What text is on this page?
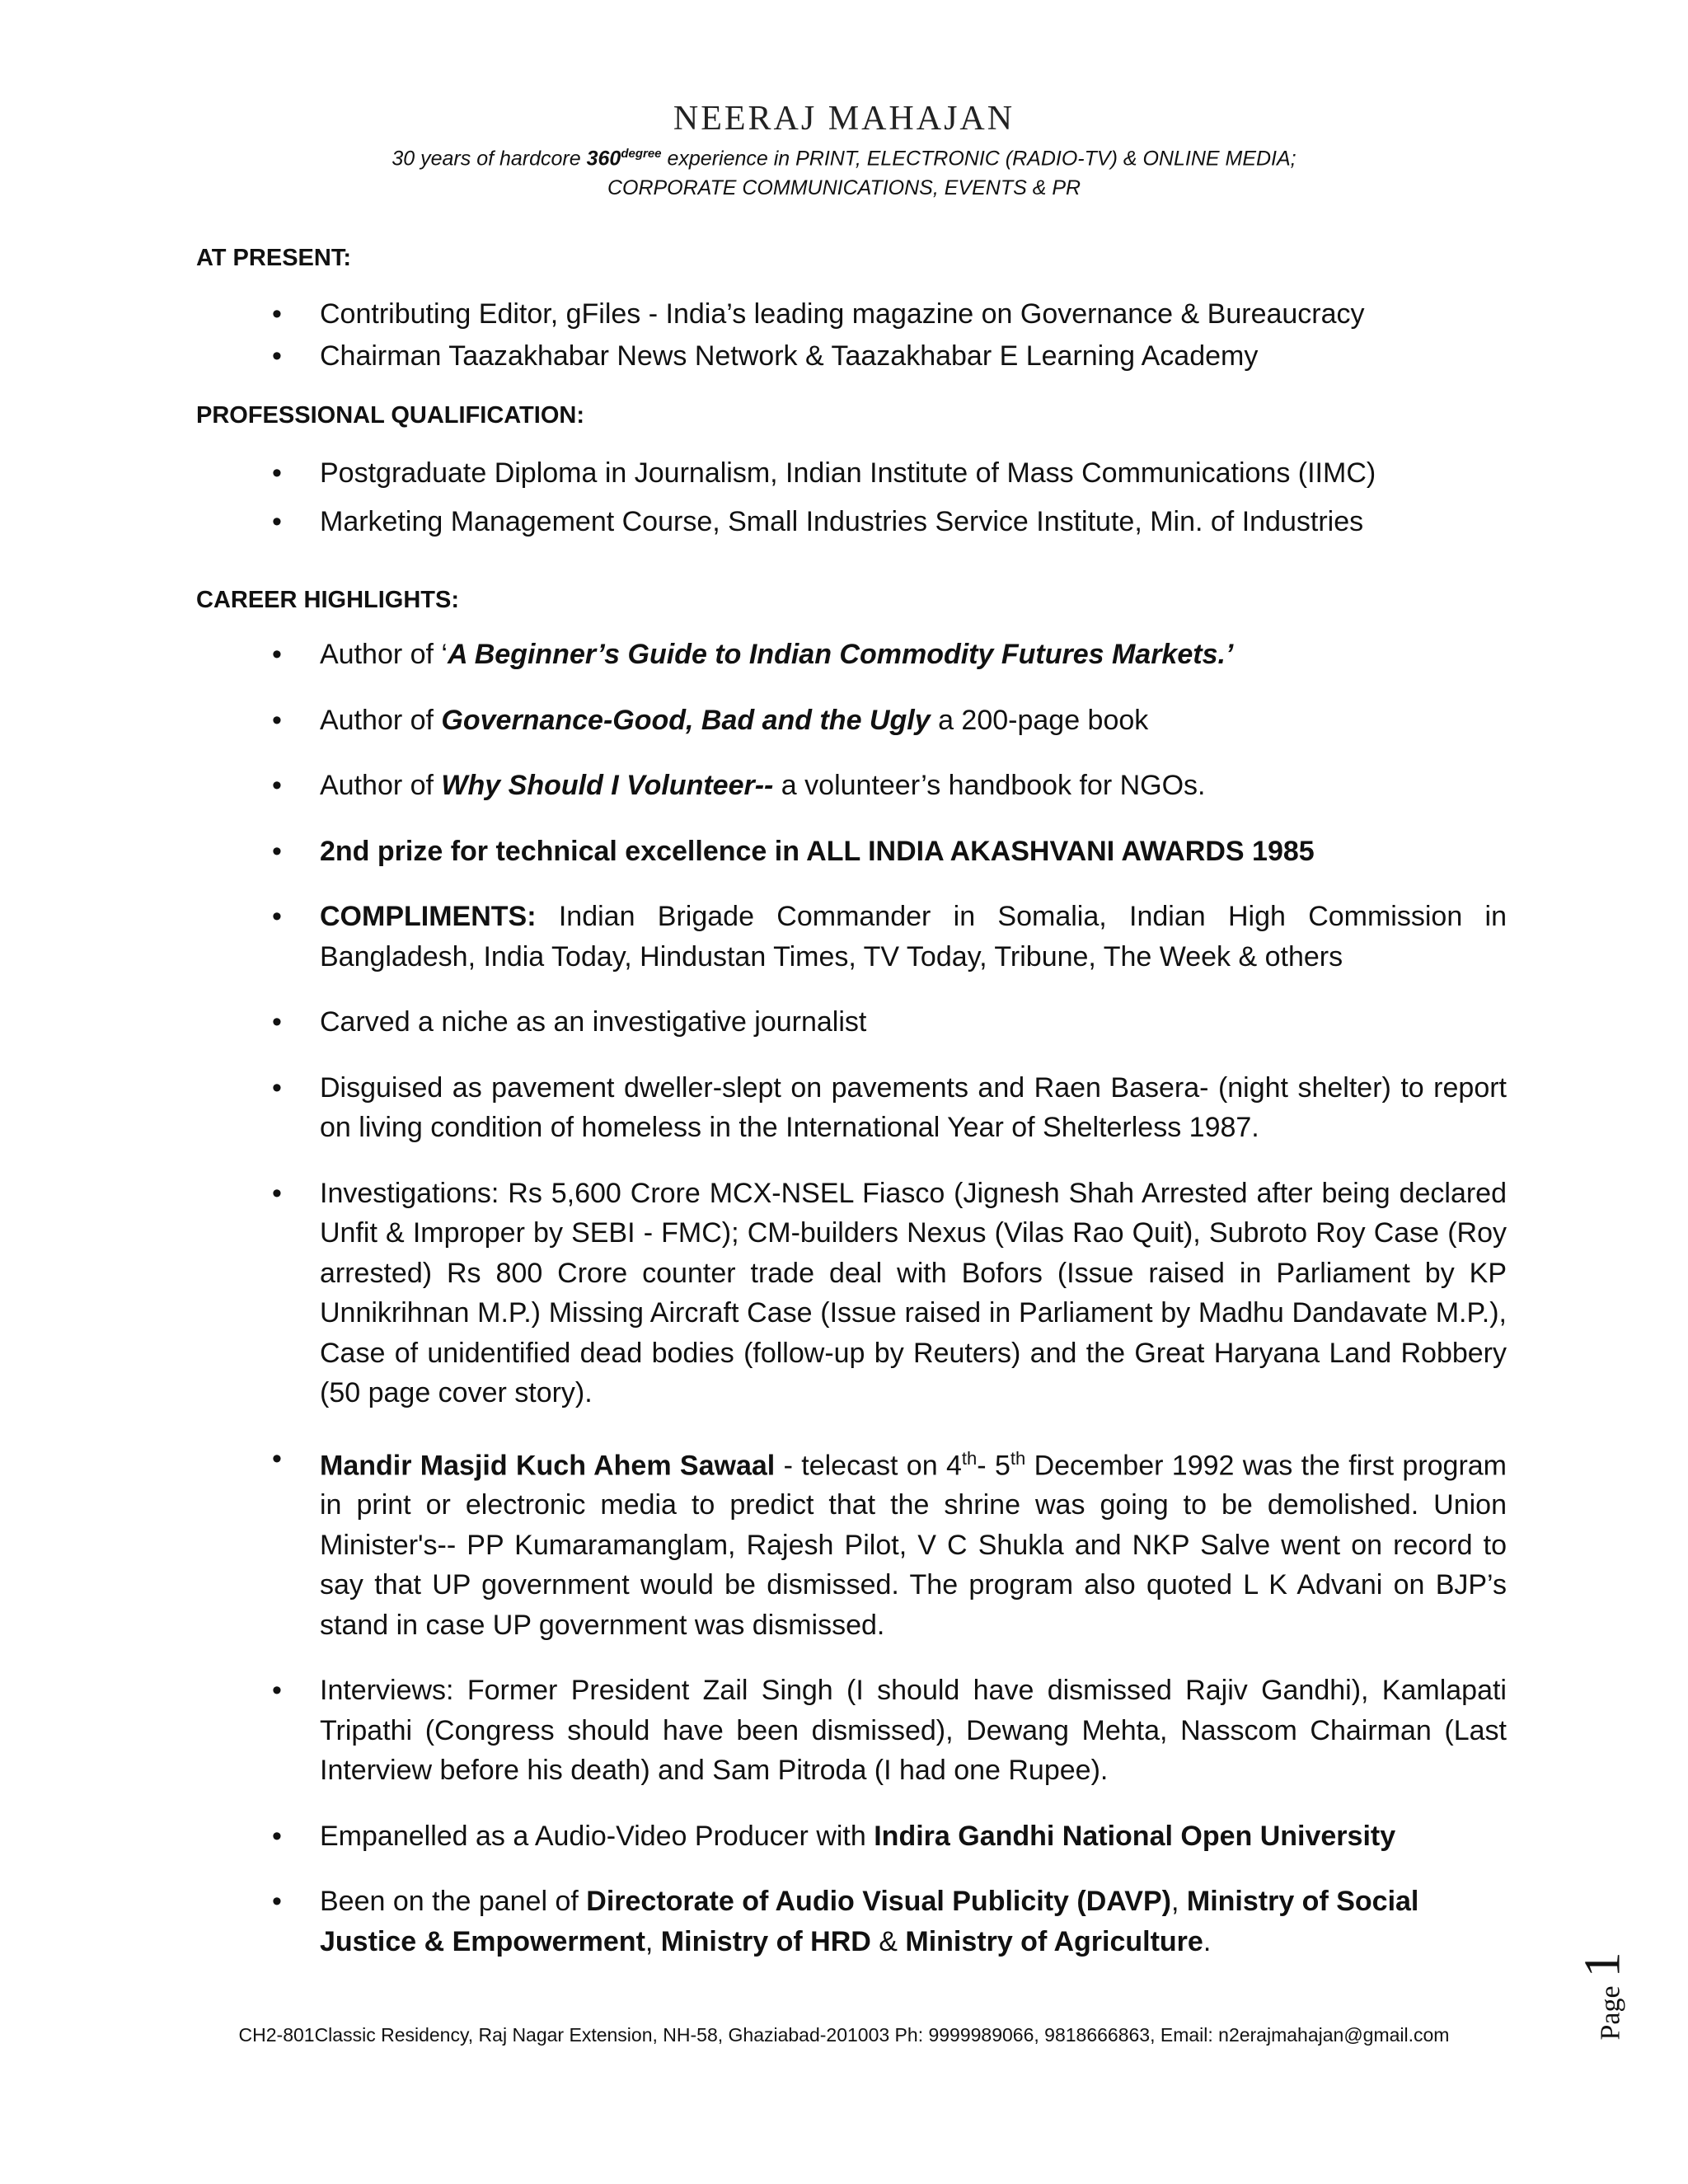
NEERAJ MAHAJAN
30 years of hardcore $360^{degree}$ experience in PRINT, ELECTRONIC (RADIO-TV) & ONLINE MEDIA;
CORPORATE COMMUNICATIONS, EVENTS & PR
AT PRESENT:
• Contributing Editor, gFiles - India’s leading magazine on Governance & Bureaucracy
• Chairman Taazakhabar News Network & Taazakhabar E Learning Academy
PROFESSIONAL QUALIFICATION:
• Postgraduate Diploma in Journalism, Indian Institute of Mass Communications (IIMC)
• Marketing Management Course, Small Industries Service Institute, Min. of Industries
CAREER HIGHLIGHTS:
• Author of ‘A Beginner’s Guide to Indian Commodity Futures Markets.’
• Author of Governance-Good, Bad and the Ugly a 200-page book
• Author of Why Should I Volunteer-- a volunteer’s handbook for NGOs.
• 2nd prize for technical excellence in ALL INDIA AKASHVANI AWARDS 1985
• COMPLIMENTS: Indian Brigade Commander in Somalia, Indian High Commission in Bangladesh, India Today, Hindustan Times, TV Today, Tribune, The Week & others
• Carved a niche as an investigative journalist
• Disguised as pavement dweller-slept on pavements and Raen Basera- (night shelter) to report on living condition of homeless in the International Year of Shelterless 1987.
• Investigations: Rs 5,600 Crore MCX-NSEL Fiasco (Jignesh Shah Arrested after being declared Unfit & Improper by SEBI - FMC); CM-builders Nexus (Vilas Rao Quit), Subroto Roy Case (Roy arrested) Rs 800 Crore counter trade deal with Bofors (Issue raised in Parliament by KP Unnikrihnan M.P.) Missing Aircraft Case (Issue raised in Parliament by Madhu Dandavate M.P.), Case of unidentified dead bodies (follow-up by Reuters) and the Great Haryana Land Robbery (50 page cover story).
• Mandir Masjid Kuch Ahem Sawaal - telecast on 4th- 5th December 1992 was the first program in print or electronic media to predict that the shrine was going to be demolished. Union Minister's-- PP Kumaramanglam, Rajesh Pilot, V C Shukla and NKP Salve went on record to say that UP government would be dismissed. The program also quoted L K Advani on BJP’s stand in case UP government was dismissed.
• Interviews: Former President Zail Singh (I should have dismissed Rajiv Gandhi), Kamlapati Tripathi (Congress should have been dismissed), Dewang Mehta, Nasscom Chairman (Last Interview before his death) and Sam Pitroda (I had one Rupee).
• Empanelled as a Audio-Video Producer with Indira Gandhi National Open University
• Been on the panel of Directorate of Audio Visual Publicity (DAVP), Ministry of Social Justice & Empowerment, Ministry of HRD & Ministry of Agriculture.
Page1
CH2-801Classic Residency, Raj Nagar Extension, NH-58, Ghaziabad-201003 Ph: 9999989066, 9818666863, Email: n2erajmahajan@gmail.com
